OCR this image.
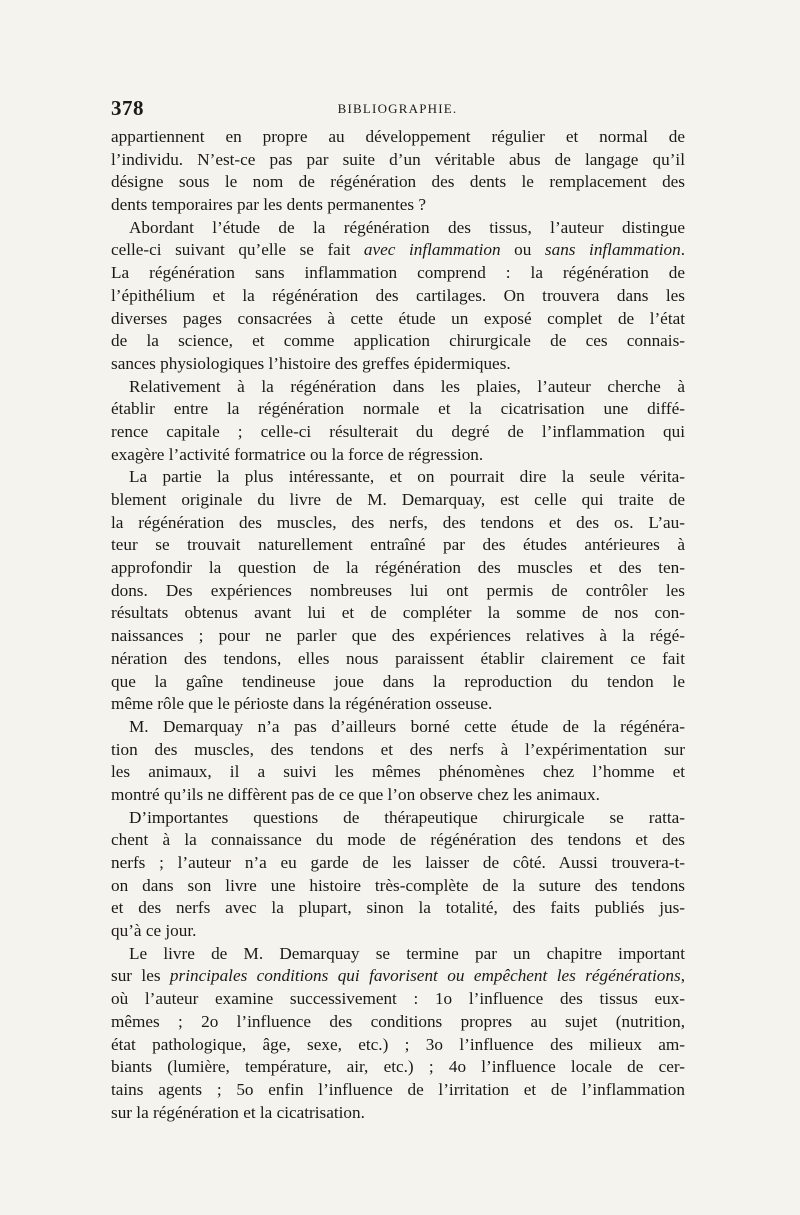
378	BIBLIOGRAPHIE.
appartiennent en propre au développement régulier et normal de
l’individu. N’est-ce pas par suite d’un véritable abus de langage qu’il
désigne sous le nom de régénération des dents le remplacement des
dents temporaires par les dents permanentes ?
Abordant l’étude de la régénération des tissus, l’auteur distingue
celle-ci suivant qu’elle se fait avec inflammation ou sans inflammation.
La régénération sans inflammation comprend : la régénération de
l’épithélium et la régénération des cartilages. On trouvera dans les
diverses pages consacrées à cette étude un exposé complet de l’état
de la science, et comme application chirurgicale de ces connais-
sances physiologiques l’histoire des greffes épidermiques.
Relativement à la régénération dans les plaies, l’auteur cherche à
établir entre la régénération normale et la cicatrisation une diffé-
rence capitale ; celle-ci résulterait du degré de l’inflammation qui
exagère l’activité formatrice ou la force de régression.
La partie la plus intéressante, et on pourrait dire la seule vérita-
blement originale du livre de M. Demarquay, est celle qui traite de
la régénération des muscles, des nerfs, des tendons et des os. L’au-
teur se trouvait naturellement entraîné par des études antérieures à
approfondir la question de la régénération des muscles et des ten-
dons. Des expériences nombreuses lui ont permis de contrôler les
résultats obtenus avant lui et de compléter la somme de nos con-
naissances ; pour ne parler que des expériences relatives à la régé-
nération des tendons, elles nous paraissent établir clairement ce fait
que la gaîne tendineuse joue dans la reproduction du tendon le
même rôle que le périoste dans la régénération osseuse.
M. Demarquay n’a pas d’ailleurs borné cette étude de la régénéra-
tion des muscles, des tendons et des nerfs à l’expérimentation sur
les animaux, il a suivi les mêmes phénomènes chez l’homme et
montré qu’ils ne diffèrent pas de ce que l’on observe chez les animaux.
D’importantes questions de thérapeutique chirurgicale se ratta-
chent à la connaissance du mode de régénération des tendons et des
nerfs ; l’auteur n’a eu garde de les laisser de côté. Aussi trouvera-t-
on dans son livre une histoire très-complète de la suture des tendons
et des nerfs avec la plupart, sinon la totalité, des faits publiés jus-
qu’à ce jour.
Le livre de M. Demarquay se termine par un chapitre important
sur les principales conditions qui favorisent ou empêchent les régénérations,
où l’auteur examine successivement : 1o l’influence des tissus eux-
mêmes ; 2o l’influence des conditions propres au sujet (nutrition,
état pathologique, âge, sexe, etc.) ; 3o l’influence des milieux am-
biants (lumière, température, air, etc.) ; 4o l’influence locale de cer-
tains agents ; 5o enfin l’influence de l’irritation et de l’inflammation
sur la régénération et la cicatrisation.
